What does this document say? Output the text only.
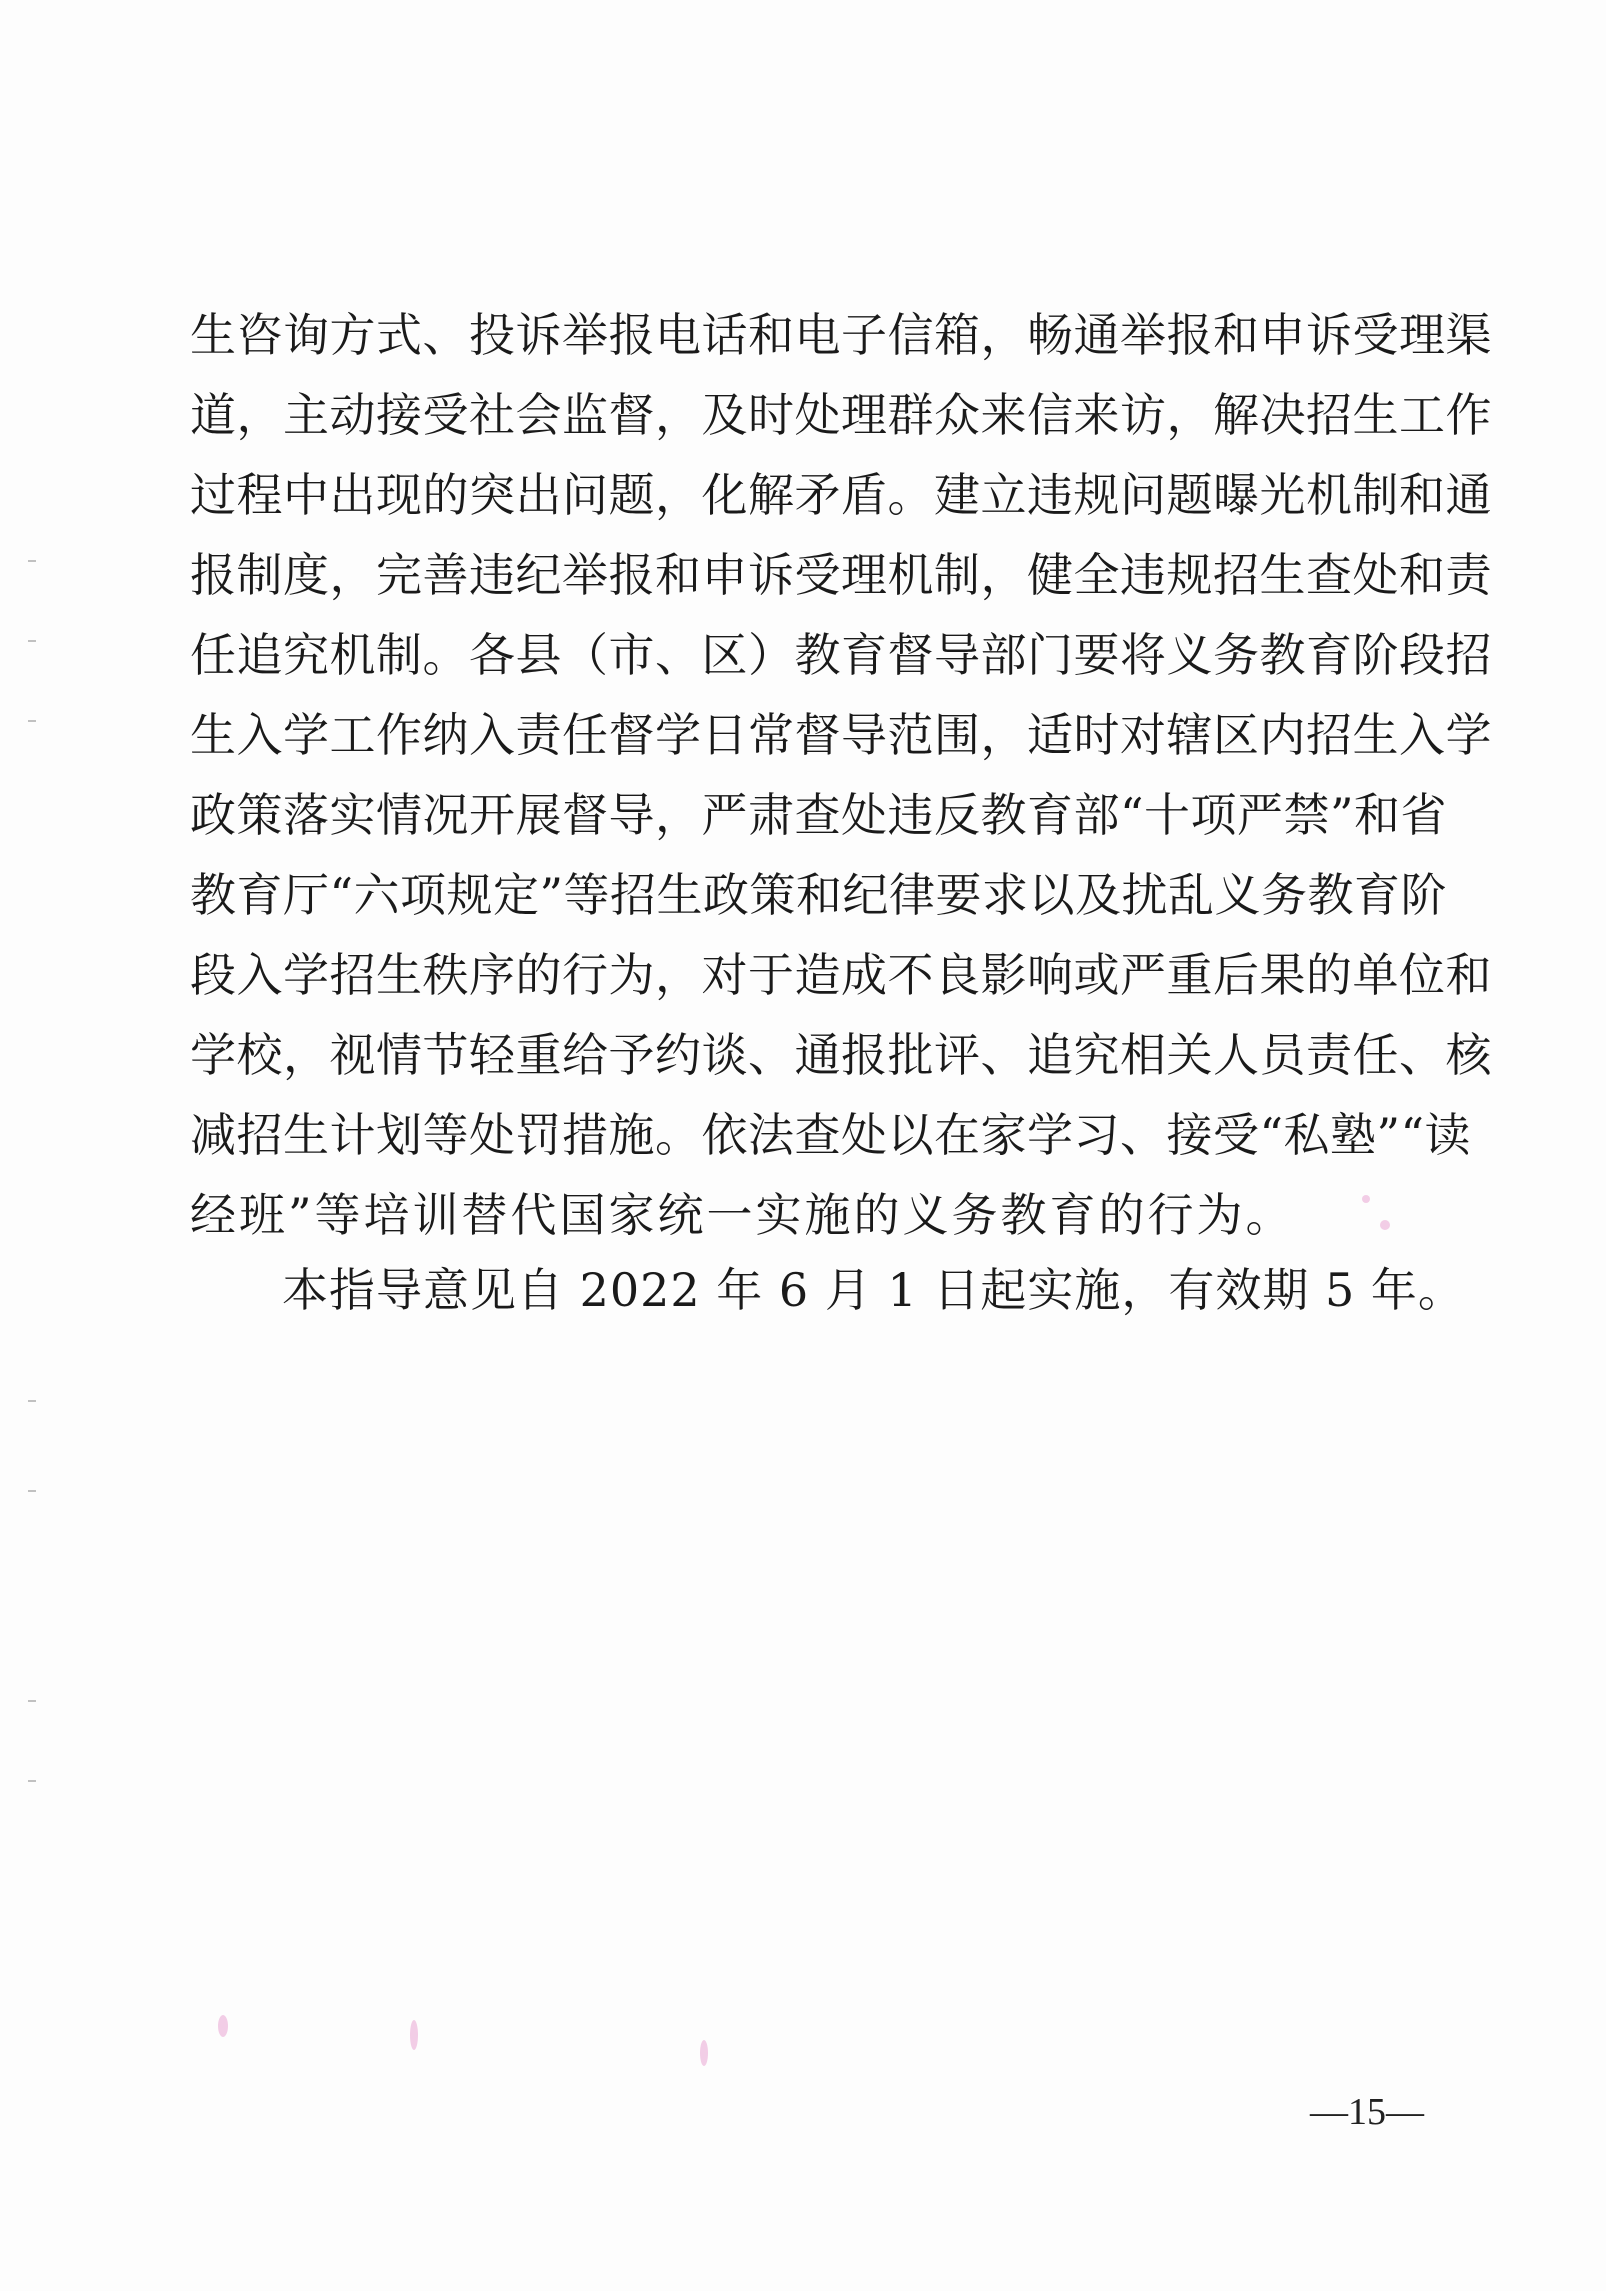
生咨询方式、投诉举报电话和电子信箱，畅通举报和申诉受理渠
道，主动接受社会监督，及时处理群众来信来访，解决招生工作
过程中出现的突出问题，化解矛盾。建立违规问题曝光机制和通
报制度，完善违纪举报和申诉受理机制，健全违规招生查处和责
任追究机制。各县（市、区）教育督导部门要将义务教育阶段招
生入学工作纳入责任督学日常督导范围，适时对辖区内招生入学
政策落实情况开展督导，严肃查处违反教育部“十项严禁”和省
教育厅“六项规定”等招生政策和纪律要求以及扰乱义务教育阶
段入学招生秩序的行为，对于造成不良影响或严重后果的单位和
学校，视情节轻重给予约谈、通报批评、追究相关人员责任、核
减招生计划等处罚措施。依法查处以在家学习、接受“私塾”“读
经班”等培训替代国家统一实施的义务教育的行为。
本指导意见自 2022 年 6 月 1 日起实施，有效期 5 年。
—15—
